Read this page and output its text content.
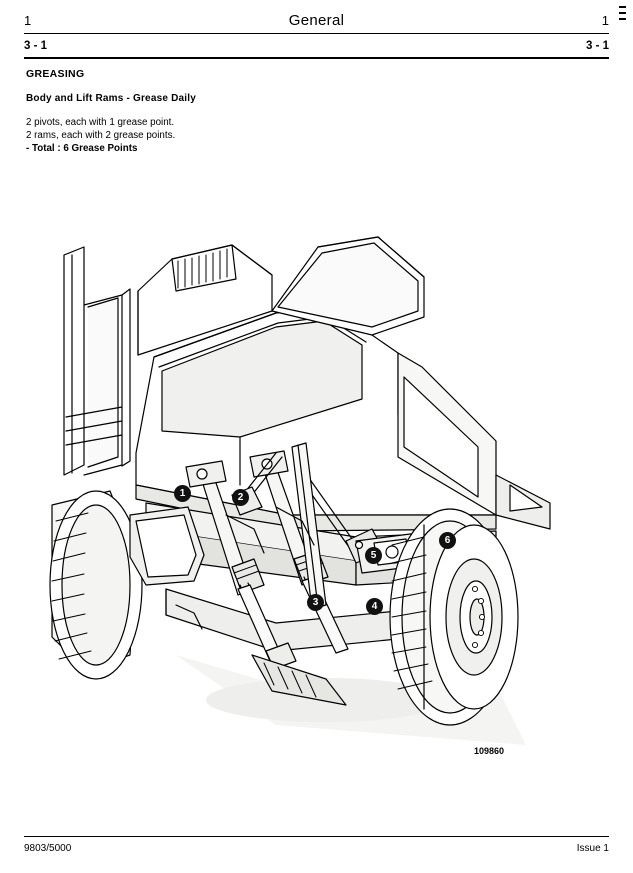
1	General	1
3 - 1	3 - 1
GREASING
Body and Lift Rams - Grease Daily
2 pivots, each with 1 grease point.
2 rams, each with 2 grease points.
- Total : 6 Grease Points
1	2
3	4
5
6
109860
9803/5000	Issue 1
